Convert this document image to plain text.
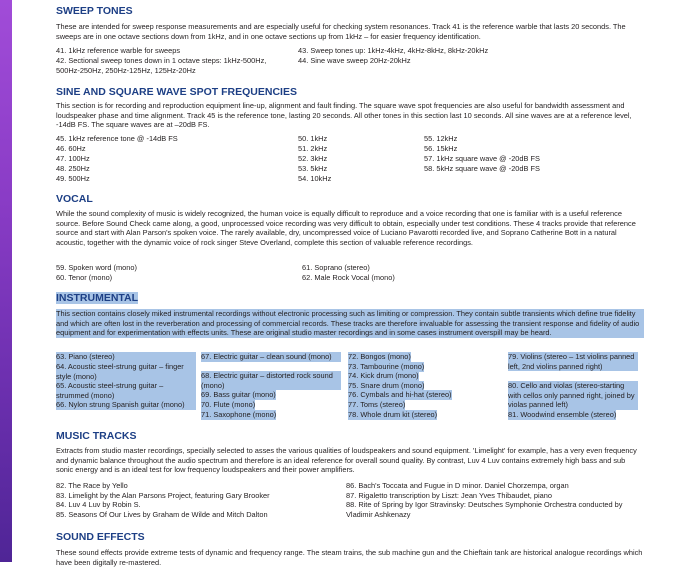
SWEEP TONES
These are intended for sweep response measurements and are especially useful for checking system resonances. Track 41 is the reference warble that lasts 20 seconds. The sweeps are in one octave sections down from 1kHz, and in one octave sections up from 1kHz – for easier frequency identification.
41. 1kHz reference warble for sweeps
42. Sectional sweep tones down in 1 octave steps: 1kHz-500Hz, 500Hz-250Hz, 250Hz-125Hz, 125Hz-20Hz
43. Sweep tones up: 1kHz-4kHz, 4kHz-8kHz, 8kHz-20kHz
44. Sine wave sweep 20Hz-20kHz
SINE AND SQUARE WAVE SPOT FREQUENCIES
This section is for recording and reproduction equipment line-up, alignment and fault finding. The square wave spot frequencies are also useful for bandwidth assessment and loudspeaker phase and time alignment. Track 45 is the reference tone, lasting 20 seconds. All other tones in this section last 10 seconds. All sine waves are at a reference level, -14dB FS. The square waves are at –20dB FS.
45. 1kHz reference tone @ -14dB FS
46. 60Hz
47. 100Hz
48. 250Hz
49. 500Hz
50. 1kHz
51. 2kHz
52. 3kHz
53. 5kHz
54. 10kHz
55. 12kHz
56. 15kHz
57. 1kHz square wave @ -20dB FS
58. 5kHz square wave @ -20dB FS
VOCAL
While the sound complexity of music is widely recognized, the human voice is equally difficult to reproduce and a voice recording that one is familiar with is a useful reference source. Before Sound Check came along, a good, unprocessed voice recording was very difficult to obtain, especially under test conditions. These 4 tracks provide that reference source and start with Alan Parson's spoken voice. The rarely available, dry, uncompressed voice of Luciano Pavarotti recorded live, and Soprano Catherine Bott in a natural acoustic, together with the dynamic voice of rock singer Steve Overland, complete this section of valuable reference recordings.
59. Spoken word (mono)
60. Tenor (mono)
61. Soprano (stereo)
62. Male Rock Vocal (mono)
INSTRUMENTAL
This section contains closely miked instrumental recordings without electronic processing such as limiting or compression. They contain subtle transients which define true fidelity and which are often lost in the reverberation and processing of commercial records. These tracks are therefore invaluable for assessing the transient response and fidelity of audio equipment and for experimentation with effects units. These are original studio master recordings and in some cases instrument overspill may be heard.
63. Piano (stereo)
64. Acoustic steel-strung guitar – finger style (mono)
65. Acoustic steel-strung guitar – strummed (mono)
66. Nylon strung Spanish guitar (mono)
67. Electric guitar – clean sound (mono)
68. Electric guitar – distorted rock sound (mono)
69. Bass guitar (mono)
70. Flute (mono)
71. Saxophone (mono)
72. Bongos (mono)
73. Tambourine (mono)
74. Kick drum (mono)
75. Snare drum (mono)
76. Cymbals and hi-hat (stereo)
77. Toms (stereo)
78. Whole drum kit (stereo)
79. Violins (stereo – 1st violins panned left, 2nd violins panned right)
80. Cello and violas (stereo-starting with cellos only panned right, joined by violas panned left)
81. Woodwind ensemble (stereo)
MUSIC TRACKS
Extracts from studio master recordings, specially selected to asses the various qualities of loudspeakers and sound equipment. 'Limelight' for example, has a very even frequency and dynamic balance throughout the audio spectrum and therefore is an ideal reference for overall sound quality. By contrast, Luv 4 Luv contains extremely high bass and sub sonic energy and is an ideal test for low frequency loudspeakers and their power amplifiers.
82. The Race by Yello
83. Limelight by the Alan Parsons Project, featuring Gary Brooker
84. Luv 4 Luv by Robin S.
85. Seasons Of Our Lives by Graham de Wilde and Mitch Dalton
86. Bach's Toccata and Fugue in D minor. Daniel Chorzempa, organ
87. Rigaletto transcription by Liszt: Jean Yves Thibaudet, piano
88. Rite of Spring by Igor Stravinsky: Deutsches Symphonie Orchestra conducted by Vladimir Ashkenazy
SOUND EFFECTS
These sound effects provide extreme tests of dynamic and frequency range. The steam trains, the sub machine gun and the Chieftain tank are historical analogue recordings which have been digitally re-mastered.
